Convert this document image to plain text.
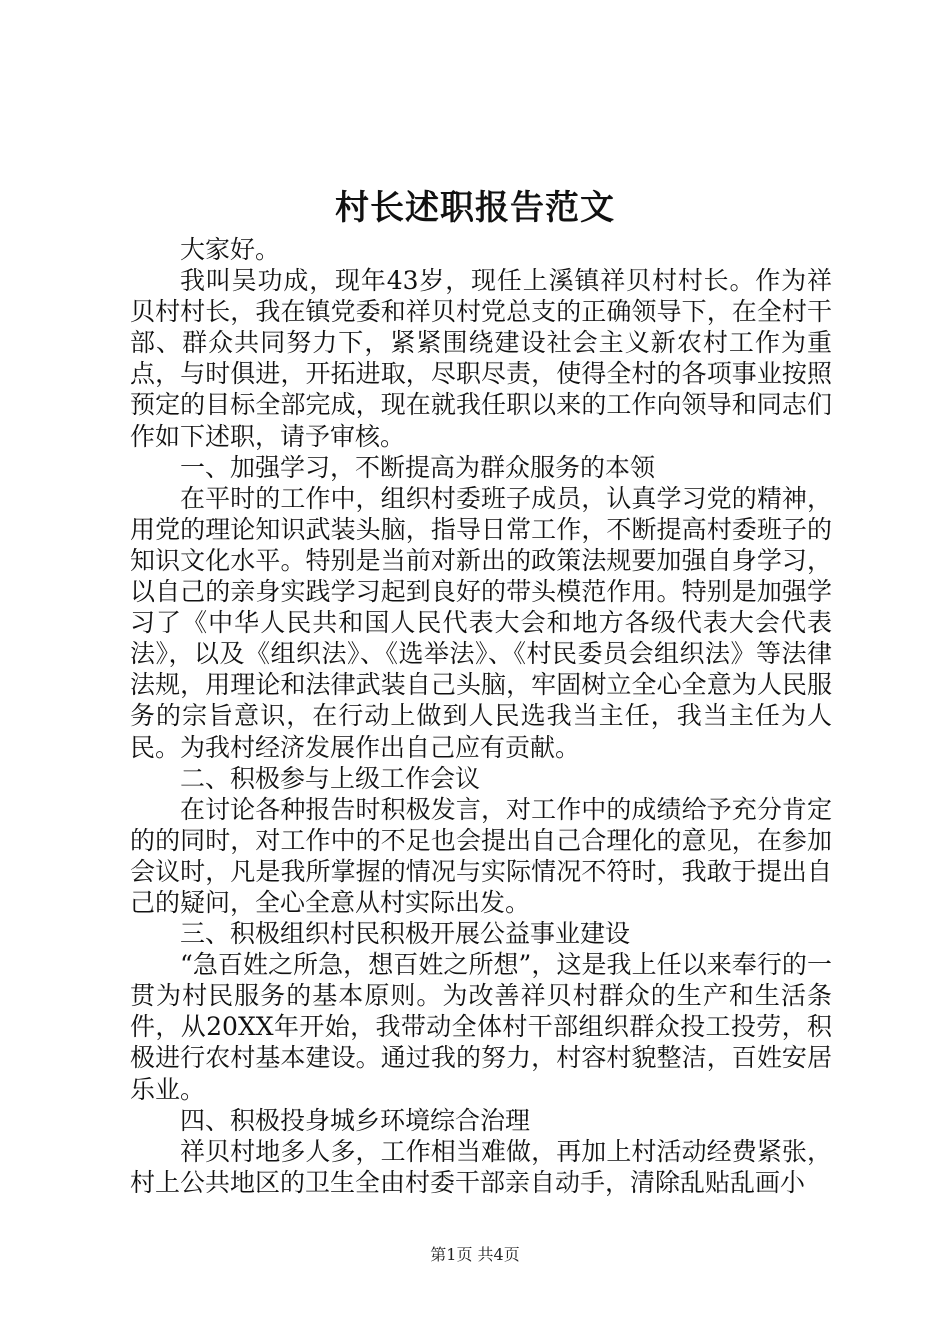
村长述职报告范文

大家好。

我叫吴功成，现年43岁，现任上溪镇祥贝村村长。作为祥贝村村长，我在镇党委和祥贝村党总支的正确领导下，在全村干部、群众共同努力下，紧紧围绕建设社会主义新农村工作为重点，与时俱进，开拓进取，尽职尽责，使得全村的各项事业按照预定的目标全部完成，现在就我任职以来的工作向领导和同志们作如下述职，请予审核。

一、加强学习，不断提高为群众服务的本领

在平时的工作中，组织村委班子成员，认真学习党的精神，用党的理论知识武装头脑，指导日常工作，不断提高村委班子的知识文化水平。特别是当前对新出的政策法规要加强自身学习，以自己的亲身实践学习起到良好的带头模范作用。特别是加强学习了《中华人民共和国人民代表大会和地方各级代表大会代表法》，以及《组织法》、《选举法》、《村民委员会组织法》等法律法规，用理论和法律武装自己头脑，牢固树立全心全意为人民服务的宗旨意识，在行动上做到人民选我当主任，我当主任为人民。为我村经济发展作出自己应有贡献。

二、积极参与上级工作会议

在讨论各种报告时积极发言，对工作中的成绩给予充分肯定的的同时，对工作中的不足也会提出自己合理化的意见，在参加会议时，凡是我所掌握的情况与实际情况不符时，我敢于提出自己的疑问，全心全意从村实际出发。

三、积极组织村民积极开展公益事业建设

“急百姓之所急，想百姓之所想”，这是我上任以来奉行的一贯为村民服务的基本原则。为改善祥贝村群众的生产和生活条件，从20XX年开始，我带动全体村干部组织群众投工投劳，积极进行农村基本建设。通过我的努力，村容村貌整洁，百姓安居乐业。

四、积极投身城乡环境综合治理

祥贝村地多人多，工作相当难做，再加上村活动经费紧张，村上公共地区的卫生全由村委干部亲自动手，清除乱贴乱画小

第1页 共4页
